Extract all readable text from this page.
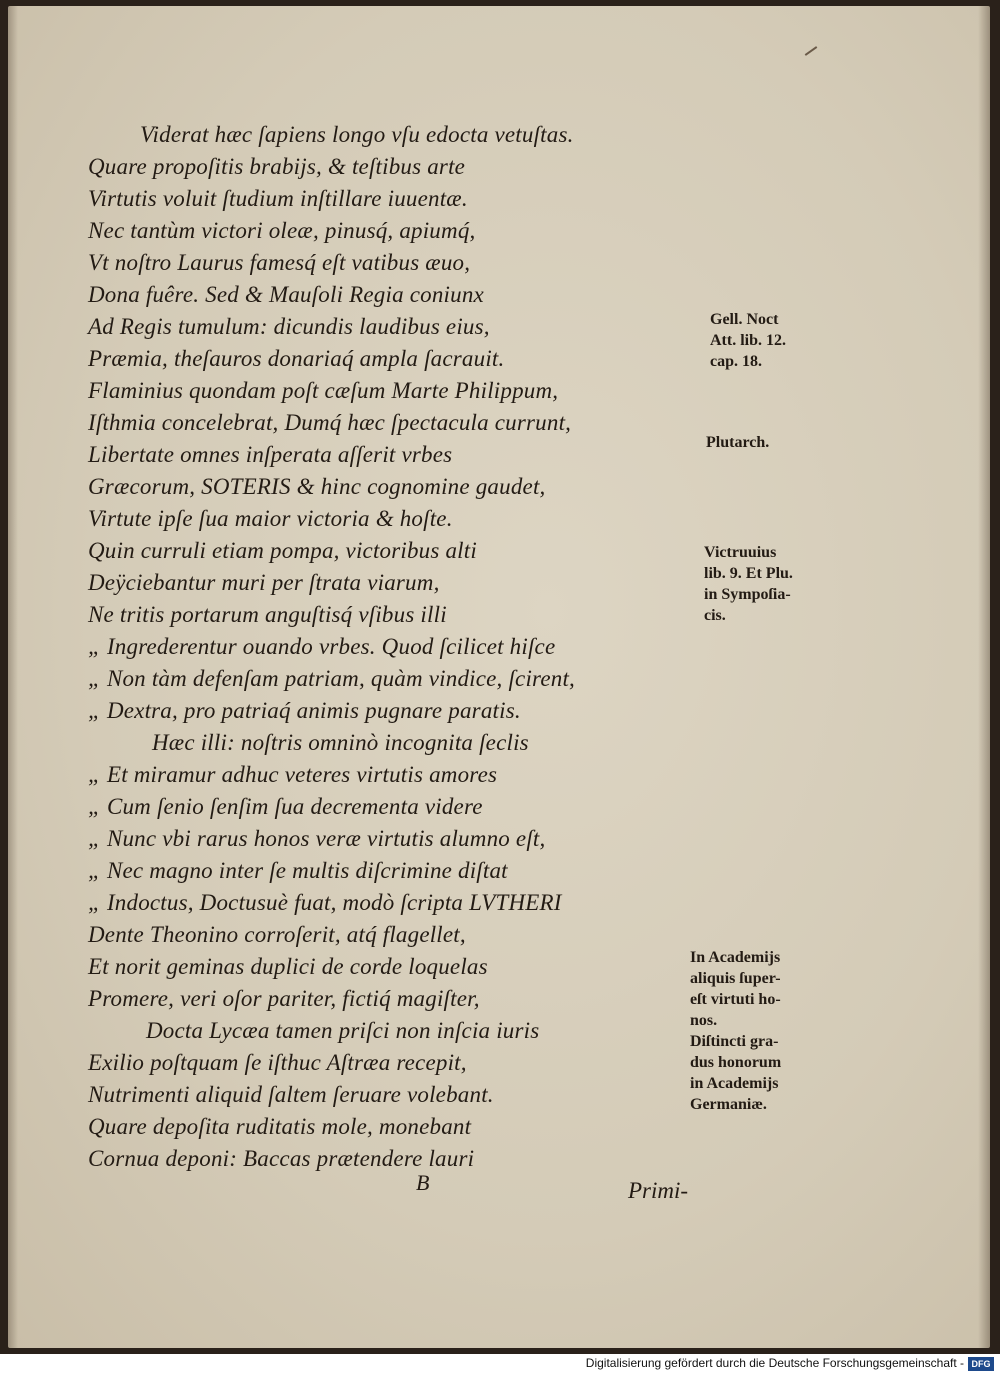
Viderat hæc ſapiens longo vſu edocta vetuſtas.
Quare propoſitis brabijs, & teſtibus arte
Virtutis voluit ſtudium inſtillare iuuentæ.
Nec tantùm victori oleæ, pinusq́, apiumq́,
Vt noſtro Laurus famesq́ eſt vatibus æuo,
Dona fuêre. Sed & Mauſoli Regia coniunx
Ad Regis tumulum: dicundis laudibus eius,
Præmia, theſauros donariaq́ ampla ſacrauit.
Flaminius quondam poſt cæſum Marte Philippum,
Iſthmia concelebrat, Dumq́ hæc ſpectacula currunt,
Libertate omnes inſperata aſſerit vrbes
Græcorum, SOTERIS & hinc cognomine gaudet,
Virtute ipſe ſua maior victoria & hoſte.
Quin curruli etiam pompa, victoribus alti
Deÿciebantur muri per ſtrata viarum,
Ne tritis portarum anguſtisq́ vſibus illi
„ Ingrederentur ouando vrbes. Quod ſcilicet hiſce
„ Non tàm defenſam patriam, quàm vindice, ſcirent,
„ Dextra, pro patriaq́ animis pugnare paratis.
Hæc illi: noſtris omninò incognita ſeclis
„ Et miramur adhuc veteres virtutis amores
„ Cum ſenio ſenſim ſua decrementa videre
„ Nunc vbi rarus honos veræ virtutis alumno eſt,
„ Nec magno inter ſe multis diſcrimine diſtat
„ Indoctus, Doctusuè fuat, modò ſcripta LVTHERI
Dente Theonino corroſerit, atq́ flagellet,
Et norit geminas duplici de corde loquelas
Promere, veri oſor pariter, fictiq́ magiſter,
Docta Lycæa tamen priſci non inſcia iuris
Exilio poſtquam ſe iſthuc Aſtræa recepit,
Nutrimenti aliquid ſaltem ſeruare volebant.
Quare depoſita ruditatis mole, monebant
Cornua deponi: Baccas prætendere lauri
Gell. Noct
Att. lib. 12.
cap. 18.
Plutarch.
Victruuius
lib. 9. Et Plu.
in Sympoſia-
cis.
In Academijs
aliquis ſuper-
eſt virtuti ho-
nos.
Diſtincti gra-
dus honorum
in Academijs
Germaniæ.
B	Primi-
Digitalisierung gefördert durch die Deutsche Forschungsgemeinschaft - DFG
